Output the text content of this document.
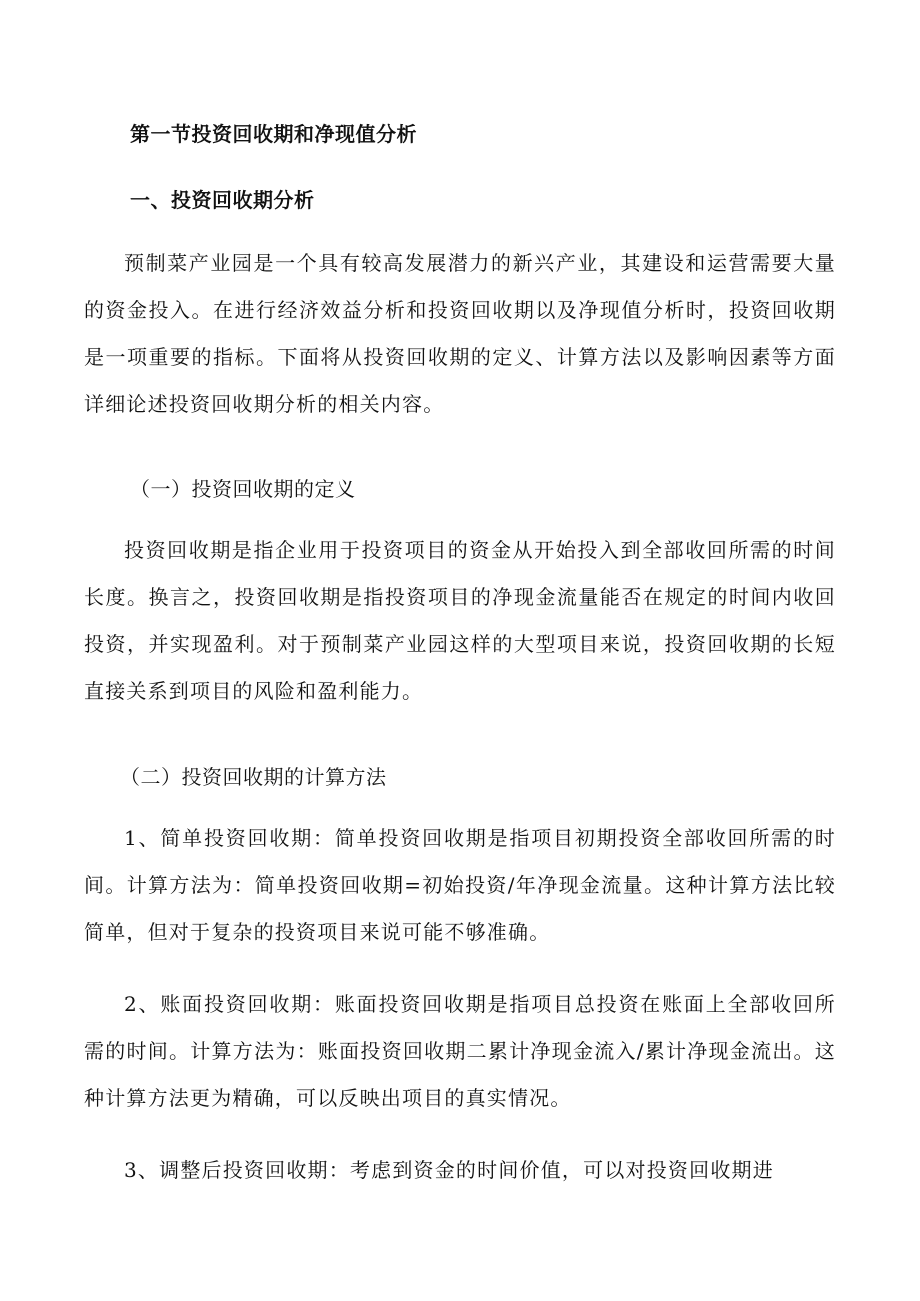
第一节投资回收期和净现值分析
一、投资回收期分析

预制菜产业园是一个具有较高发展潜力的新兴产业，其建设和运营需要大量的资金投入。在进行经济效益分析和投资回收期以及净现值分析时，投资回收期是一项重要的指标。下面将从投资回收期的定义、计算方法以及影响因素等方面详细论述投资回收期分析的相关内容。

（一）投资回收期的定义

投资回收期是指企业用于投资项目的资金从开始投入到全部收回所需的时间长度。换言之，投资回收期是指投资项目的净现金流量能否在规定的时间内收回投资，并实现盈利。对于预制菜产业园这样的大型项目来说，投资回收期的长短直接关系到项目的风险和盈利能力。

（二）投资回收期的计算方法

1、简单投资回收期：简单投资回收期是指项目初期投资全部收回所需的时间。计算方法为：简单投资回收期=初始投资/年净现金流量。这种计算方法比较简单，但对于复杂的投资项目来说可能不够准确。

2、账面投资回收期：账面投资回收期是指项目总投资在账面上全部收回所需的时间。计算方法为：账面投资回收期二累计净现金流入/累计净现金流出。这种计算方法更为精确，可以反映出项目的真实情况。

3、调整后投资回收期：考虑到资金的时间价值，可以对投资回收期进
